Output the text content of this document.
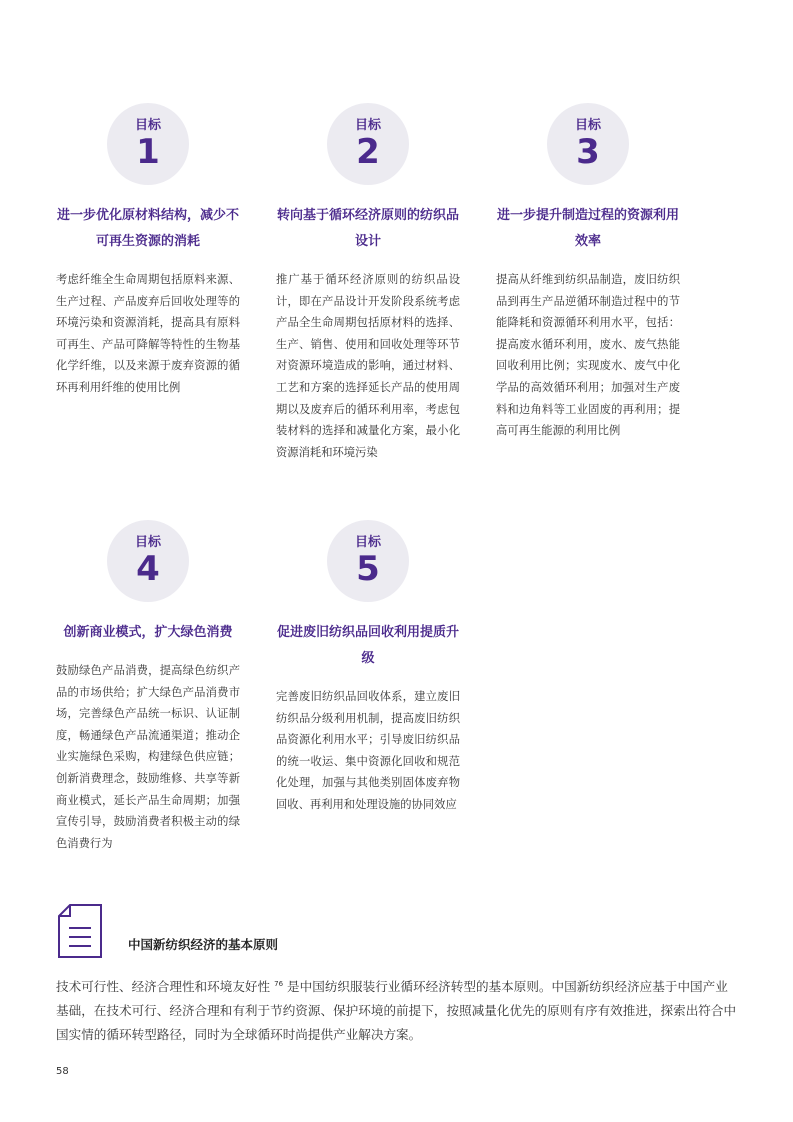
目标
1
进一步优化原材料结构，减少不可再生资源的消耗
考虑纤维全生命周期包括原料来源、生产过程、产品废弃后回收处理等的环境污染和资源消耗，提高具有原料可再生、产品可降解等特性的生物基化学纤维，以及来源于废弃资源的循环再利用纤维的使用比例
目标
2
转向基于循环经济原则的纺织品设计
推广基于循环经济原则的纺织品设计，即在产品设计开发阶段系统考虑产品全生命周期包括原材料的选择、生产、销售、使用和回收处理等环节对资源环境造成的影响，通过材料、工艺和方案的选择延长产品的使用周期以及废弃后的循环利用率，考虑包装材料的选择和减量化方案，最小化资源消耗和环境污染
目标
3
进一步提升制造过程的资源利用效率
提高从纤维到纺织品制造，废旧纺织品到再生产品逆循环制造过程中的节能降耗和资源循环利用水平，包括：提高废水循环利用，废水、废气热能回收利用比例；实现废水、废气中化学品的高效循环利用；加强对生产废料和边角料等工业固废的再利用；提高可再生能源的利用比例
目标
4
创新商业模式，扩大绿色消费
鼓励绿色产品消费，提高绿色纺织产品的市场供给；扩大绿色产品消费市场，完善绿色产品统一标识、认证制度，畅通绿色产品流通渠道；推动企业实施绿色采购，构建绿色供应链；创新消费理念，鼓励维修、共享等新商业模式，延长产品生命周期；加强宣传引导，鼓励消费者积极主动的绿色消费行为
目标
5
促进废旧纺织品回收利用提质升级
完善废旧纺织品回收体系，建立废旧纺织品分级利用机制，提高废旧纺织品资源化利用水平；引导废旧纺织品的统一收运、集中资源化回收和规范化处理，加强与其他类别固体废弃物回收、再利用和处理设施的协同效应
中国新纺织经济的基本原则
技术可行性、经济合理性和环境友好性 $^{76}$ 是中国纺织服装行业循环经济转型的基本原则。中国新纺织经济应基于中国产业基础，在技术可行、经济合理和有利于节约资源、保护环境的前提下，按照减量化优先的原则有序有效推进，探索出符合中国实情的循环转型路径，同时为全球循环时尚提供产业解决方案。
58
